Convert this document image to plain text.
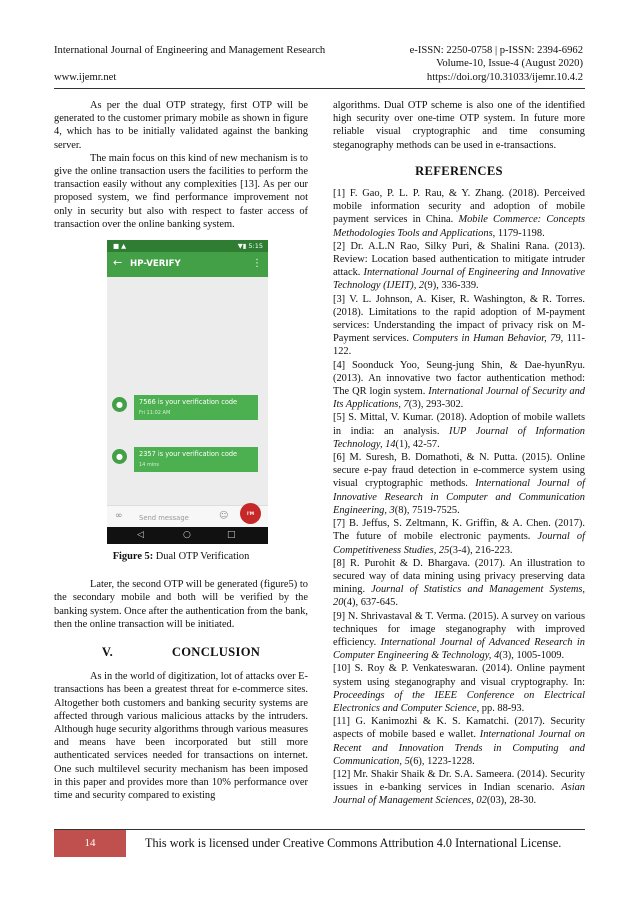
International Journal of Engineering and Management Research	e-ISSN: 2250-0758 | p-ISSN: 2394-6962
Volume-10, Issue-4 (August 2020)
www.ijemr.net	https://doi.org/10.31033/ijemr.10.4.2

As per the dual OTP strategy, first OTP will be generated to the customer primary mobile as shown in figure 4, which has to be initially validated against the banking server.

The main focus on this kind of new mechanism is to give the online transaction users the facilities to perform the transaction easily without any complexities [13]. As per our proposed system, we find performance improvement not only in security but also with respect to faster access of transaction over the online banking system.

■▲	▼▮ 5:15
← HP-VERIFY	⋮
●	7566 is your verification code
Fri 11:02 AM
●	2357 is your verification code
14 mins
∞ Send message	☺	I'M
◁	○	□
Figure 5: Dual OTP Verification

Later, the second OTP will be generated (figure5) to the secondary mobile and both will be verified by the banking system. Once after the authentication from the bank, then the online transaction will be initiated.

V.	CONCLUSION

As in the world of digitization, lot of attacks over E-transactions has been a greatest threat for e-commerce sites. Altogether both customers and banking security systems are affected through various malicious attacks by the intruders. Although huge security algorithms through various measures and means have been incorporated but still more authenticated services needed for transactions on internet. One such multilevel security mechanism has been imposed in this paper and provides more than 10% performance over time and security compared to existing

algorithms. Dual OTP scheme is also one of the identified high security over one-time OTP system. In future more reliable visual cryptographic and time consuming steganography methods can be used in e-transactions.

REFERENCES

[1] F. Gao, P. L. P. Rau, & Y. Zhang. (2018). Perceived mobile information security and adoption of mobile payment services in China. Mobile Commerce: Concepts Methodologies Tools and Applications, 1179-1198.

[2] Dr. A.L.N Rao, Silky Puri, & Shalini Rana. (2013). Review: Location based authentication to mitigate intruder attack. International Journal of Engineering and Innovative Technology (IJEIT), 2(9), 336-339.

[3] V. L. Johnson, A. Kiser, R. Washington, & R. Torres. (2018). Limitations to the rapid adoption of M-payment services: Understanding the impact of privacy risk on M-Payment services. Computers in Human Behavior, 79, 111-122.

[4] Soonduck Yoo, Seung-jung Shin, & Dae-hyunRyu. (2013). An innovative two factor authentication method: The QR login system. International Journal of Security and Its Applications, 7(3), 293-302.

[5] S. Mittal, V. Kumar. (2018). Adoption of mobile wallets in india: an analysis. IUP Journal of Information Technology, 14(1), 42-57.

[6] M. Suresh, B. Domathoti, & N. Putta. (2015). Online secure e-pay fraud detection in e-commerce system using visual cryptographic methods. International Journal of Innovative Research in Computer and Communication Engineering, 3(8), 7519-7525.

[7] B. Jeffus, S. Zeltmann, K. Griffin, & A. Chen. (2017). The future of mobile electronic payments. Journal of Competitiveness Studies, 25(3-4), 216-223.

[8] R. Purohit & D. Bhargava. (2017). An illustration to secured way of data mining using privacy preserving data mining. Journal of Statistics and Management Systems, 20(4), 637-645.

[9] N. Shrivastaval & T. Verma. (2015). A survey on various techniques for image steganography with improved efficiency. International Journal of Advanced Research in Computer Engineering & Technology, 4(3), 1005-1009.

[10] S. Roy & P. Venkateswaran. (2014). Online payment system using steganography and visual cryptography. In: Proceedings of the IEEE Conference on Electrical Electronics and Computer Science, pp. 88-93.

[11] G. Kanimozhi & K. S. Kamatchi. (2017). Security aspects of mobile based e wallet. International Journal on Recent and Innovation Trends in Computing and Communication, 5(6), 1223-1228.

[12] Mr. Shakir Shaik & Dr. S.A. Sameera. (2014). Security issues in e-banking services in Indian scenario. Asian Journal of Management Sciences, 02(03), 28-30.

14	This work is licensed under Creative Commons Attribution 4.0 International License.
